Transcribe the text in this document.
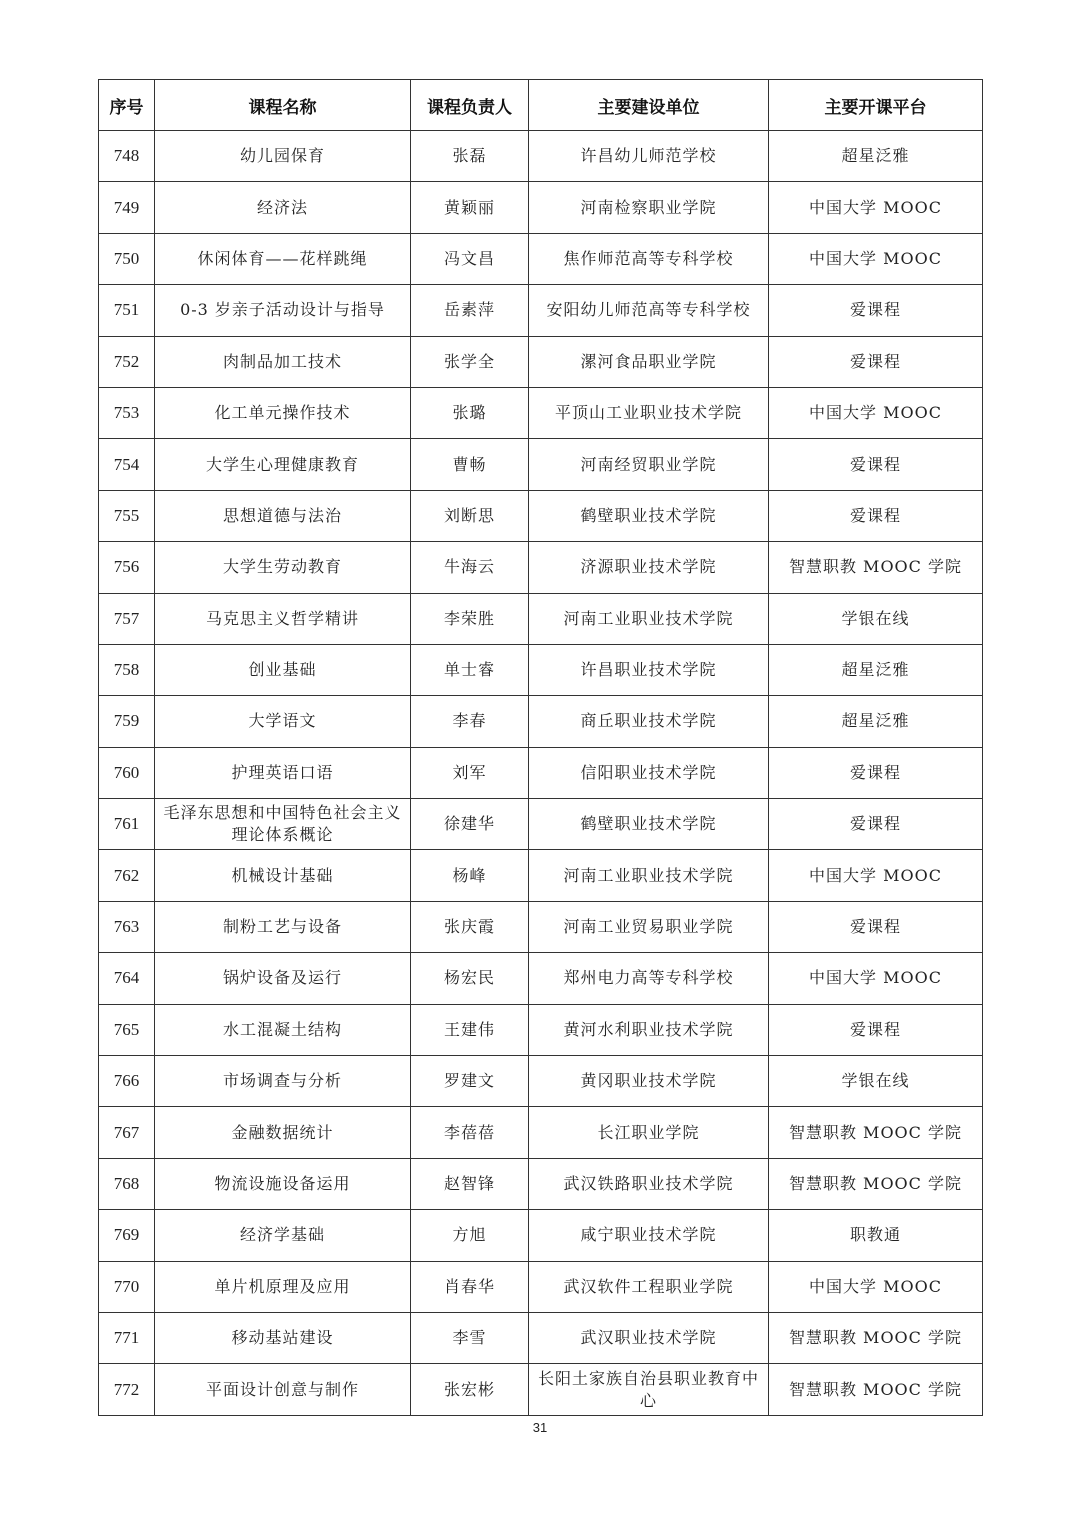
序号	课程名称	课程负责人	主要建设单位	主要开课平台
748	幼儿园保育	张磊	许昌幼儿师范学校	超星泛雅
749	经济法	黄颖丽	河南检察职业学院	中国大学 MOOC
750	休闲体育——花样跳绳	冯文昌	焦作师范高等专科学校	中国大学 MOOC
751	0-3 岁亲子活动设计与指导	岳素萍	安阳幼儿师范高等专科学校	爱课程
752	肉制品加工技术	张学全	漯河食品职业学院	爱课程
753	化工单元操作技术	张璐	平顶山工业职业技术学院	中国大学 MOOC
754	大学生心理健康教育	曹畅	河南经贸职业学院	爱课程
755	思想道德与法治	刘断思	鹤壁职业技术学院	爱课程
756	大学生劳动教育	牛海云	济源职业技术学院	智慧职教 MOOC 学院
757	马克思主义哲学精讲	李荣胜	河南工业职业技术学院	学银在线
758	创业基础	单士睿	许昌职业技术学院	超星泛雅
759	大学语文	李春	商丘职业技术学院	超星泛雅
760	护理英语口语	刘军	信阳职业技术学院	爱课程
761	毛泽东思想和中国特色社会主义理论体系概论	徐建华	鹤壁职业技术学院	爱课程
762	机械设计基础	杨峰	河南工业职业技术学院	中国大学 MOOC
763	制粉工艺与设备	张庆霞	河南工业贸易职业学院	爱课程
764	锅炉设备及运行	杨宏民	郑州电力高等专科学校	中国大学 MOOC
765	水工混凝土结构	王建伟	黄河水利职业技术学院	爱课程
766	市场调查与分析	罗建文	黄冈职业技术学院	学银在线
767	金融数据统计	李蓓蓓	长江职业学院	智慧职教 MOOC 学院
768	物流设施设备运用	赵智锋	武汉铁路职业技术学院	智慧职教 MOOC 学院
769	经济学基础	方旭	咸宁职业技术学院	职教通
770	单片机原理及应用	肖春华	武汉软件工程职业学院	中国大学 MOOC
771	移动基站建设	李雪	武汉职业技术学院	智慧职教 MOOC 学院
772	平面设计创意与制作	张宏彬	长阳土家族自治县职业教育中心	智慧职教 MOOC 学院
31
